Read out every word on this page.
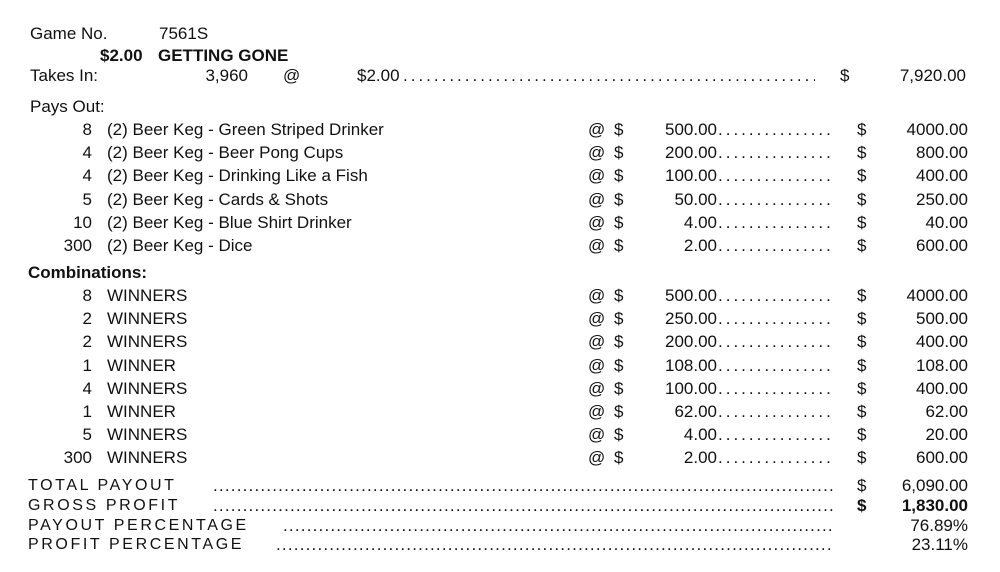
Game No.	7561S
$2.00 GETTING GONE
Takes In:	3,960 @	$2.00 .....	$	7,920.00
Pays Out:
8 (2) Beer Keg - Green Striped Drinker	@ $	500.00 .....	$	4000.00
4 (2) Beer Keg - Beer Pong Cups	@ $	200.00 .....	$	800.00
4 (2) Beer Keg - Drinking Like a Fish	@ $	100.00 .....	$	400.00
5 (2) Beer Keg - Cards & Shots	@ $	50.00 .....	$	250.00
10 (2) Beer Keg - Blue Shirt Drinker	@ $	4.00 .....	$	40.00
300 (2) Beer Keg - Dice	@ $	2.00 .....	$	600.00
Combinations:
8 WINNERS	@ $	500.00 .....	$	4000.00
2 WINNERS	@ $	250.00 .....	$	500.00
2 WINNERS	@ $	200.00 .....	$	400.00
1 WINNER	@ $	108.00 .....	$	108.00
4 WINNERS	@ $	100.00 .....	$	400.00
1 WINNER	@ $	62.00 .....	$	62.00
5 WINNERS	@ $	4.00 .....	$	20.00
300 WINNERS	@ $	2.00 .....	$	600.00
TOTAL PAYOUT .....	$	6,090.00
GROSS PROFIT .....	$	1,830.00
PAYOUT PERCENTAGE .....	76.89%
PROFIT PERCENTAGE .....	23.11%
